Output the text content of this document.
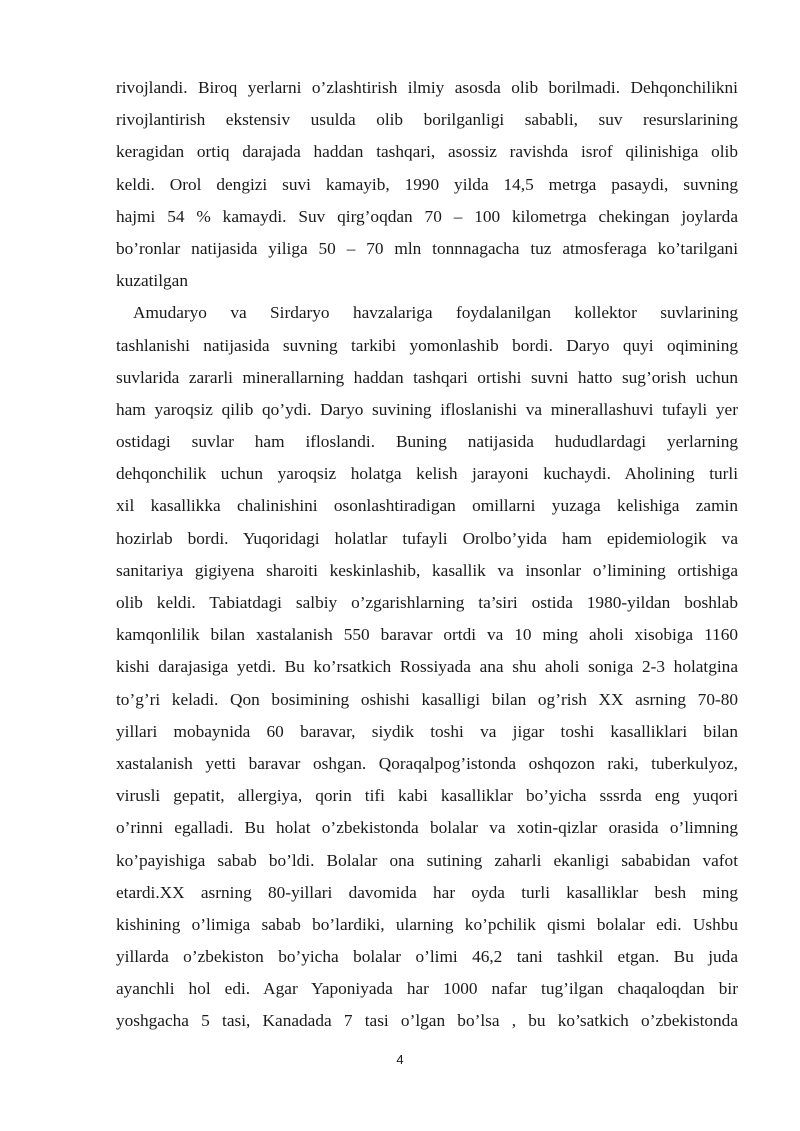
rivojlandi. Biroq yerlarni o’zlashtirish ilmiy asosda olib borilmadi. Dehqonchilikni
rivojlantirish ekstensiv usulda olib borilganligi sababli, suv resurslarining
keragidan ortiq darajada haddan tashqari, asossiz ravishda isrof qilinishiga olib
keldi. Orol dengizi suvi kamayib, 1990 yilda 14,5 metrga pasaydi, suvning
hajmi 54 % kamaydi. Suv qirg’oqdan 70 – 100 kilometrga chekingan joylarda
bo’ronlar natijasida yiliga 50 – 70 mln tonnnagacha tuz atmosferaga ko’tarilgani
kuzatilgan
Amudaryo va Sirdaryo havzalariga foydalanilgan kollektor suvlarining
tashlanishi natijasida suvning tarkibi yomonlashib bordi. Daryo quyi oqimining
suvlarida zararli minerallarning haddan tashqari ortishi suvni hatto sug’orish uchun
ham yaroqsiz qilib qo’ydi. Daryo suvining ifloslanishi va minerallashuvi tufayli yer
ostidagi suvlar ham ifloslandi. Buning natijasida hududlardagi yerlarning
dehqonchilik uchun yaroqsiz holatga kelish jarayoni kuchaydi. Aholining turli
xil kasallikka chalinishini osonlashtiradigan omillarni yuzaga kelishiga zamin
hozirlab bordi. Yuqoridagi holatlar tufayli Orolbo’yida ham epidemiologik va
sanitariya gigiyena sharoiti keskinlashib, kasallik va insonlar o’limining ortishiga
olib keldi. Tabiatdagi salbiy o’zgarishlarning ta’siri ostida 1980-yildan boshlab
kamqonlilik bilan xastalanish 550 baravar ortdi va 10 ming aholi xisobiga 1160
kishi darajasiga yetdi. Bu ko’rsatkich Rossiyada ana shu aholi soniga 2-3 holatgina
to’g’ri keladi. Qon bosimining oshishi kasalligi bilan og’rish XX asrning 70-80
yillari mobaynida 60 baravar, siydik toshi va jigar toshi kasalliklari bilan
xastalanish yetti baravar oshgan. Qoraqalpog’istonda oshqozon raki, tuberkulyoz,
virusli gepatit, allergiya, qorin tifi kabi kasalliklar bo’yicha sssrda eng yuqori
o’rinni egalladi. Bu holat o’zbekistonda bolalar va xotin-qizlar orasida o’limning
ko’payishiga sabab bo’ldi. Bolalar ona sutining zaharli ekanligi sababidan vafot
etardi.XX asrning 80-yillari davomida har oyda turli kasalliklar besh ming
kishining o’limiga sabab bo’lardiki, ularning ko’pchilik qismi bolalar edi. Ushbu
yillarda o’zbekiston bo’yicha bolalar o’limi 46,2 tani tashkil etgan. Bu juda
ayanchli hol edi. Agar Yaponiyada har 1000 nafar tug’ilgan chaqaloqdan bir
yoshgacha 5 tasi, Kanadada 7 tasi o’lgan bo’lsa , bu ko’satkich o’zbekistonda
4
